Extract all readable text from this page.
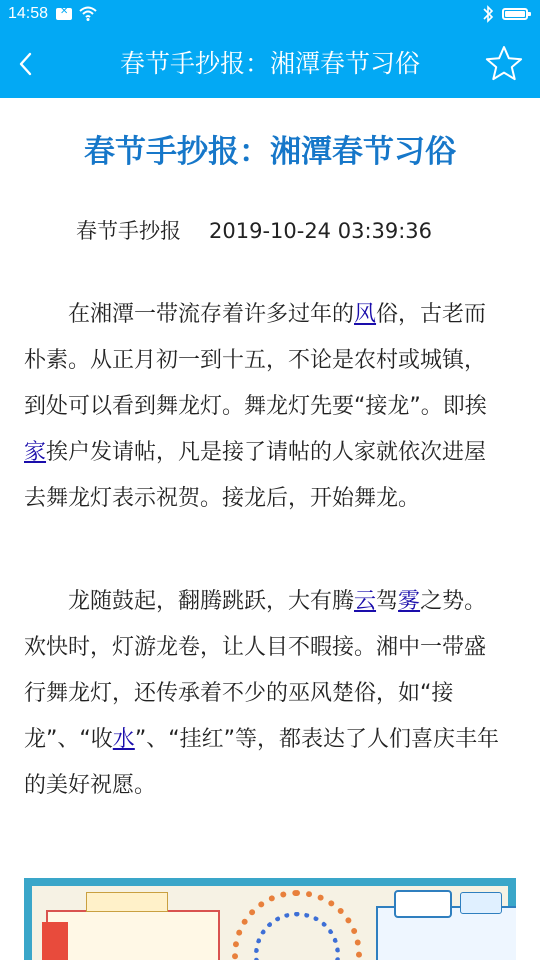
14:58
✕
春节手抄报：湘潭春节习俗
春节手抄报：湘潭春节习俗
春节手抄报 2019-10-24 03:39:36

在湘潭一带流存着许多过年的风俗，古老而朴素。从正月初一到十五，不论是农村或城镇，到处可以看到舞龙灯。舞龙灯先要“接龙”。即挨家挨户发请帖，凡是接了请帖的人家就依次进屋去舞龙灯表示祝贺。接龙后，开始舞龙。

龙随鼓起，翻腾跳跃，大有腾云驾雾之势。欢快时，灯游龙卷，让人目不暇接。湘中一带盛行舞龙灯，还传承着不少的巫风楚俗，如“接龙”、“收水”、“挂红”等，都表达了人们喜庆丰年的美好祝愿。
